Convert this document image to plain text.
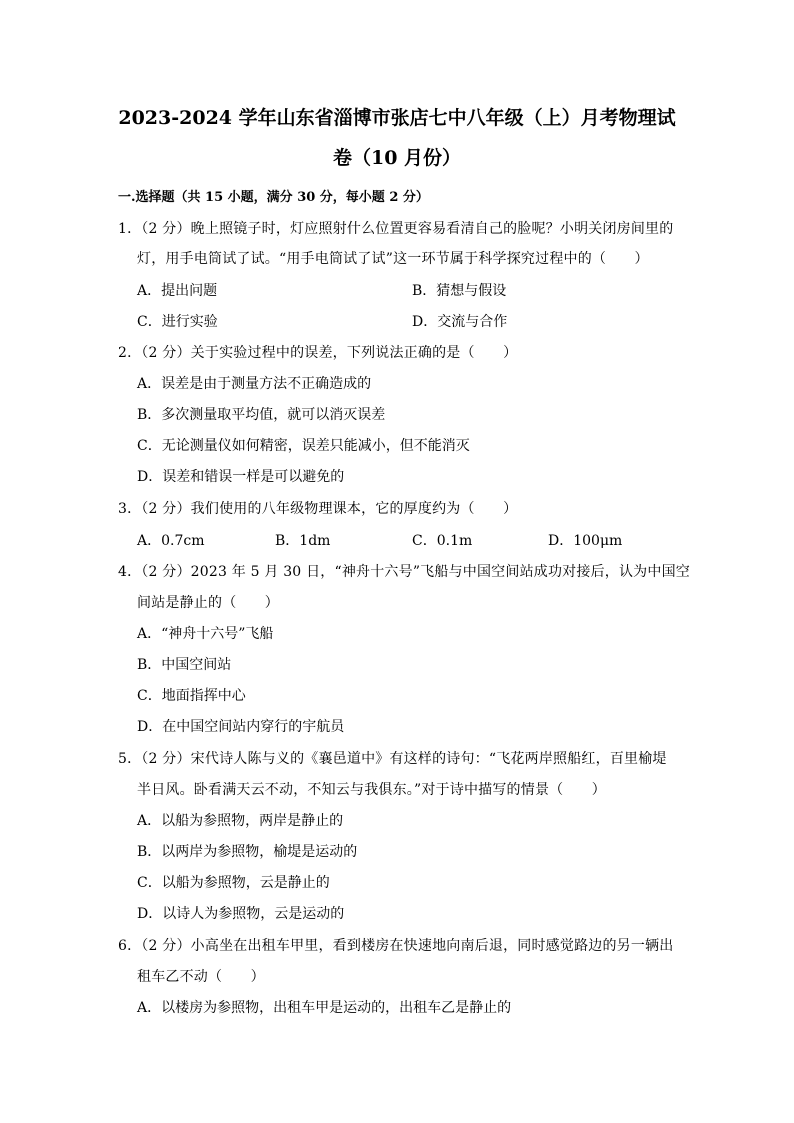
2023-2024 学年山东省淄博市张店七中八年级（上）月考物理试
卷（10 月份）
一.选择题（共 15 小题，满分 30 分，每小题 2 分）
1．（2 分）晚上照镜子时，灯应照射什么位置更容易看清自己的脸呢？小明关闭房间里的
灯，用手电筒试了试。“用手电筒试了试”这一环节属于科学探究过程中的（　　）
A．提出问题	B．猜想与假设
C．进行实验	D．交流与合作
2．（2 分）关于实验过程中的误差，下列说法正确的是（　　）
A．误差是由于测量方法不正确造成的
B．多次测量取平均值，就可以消灭误差
C．无论测量仪如何精密，误差只能减小，但不能消灭
D．误差和错误一样是可以避免的
3．（2 分）我们使用的八年级物理课本，它的厚度约为（　　）
A．0.7cm	B．1dm	C．0.1m	D．100μm
4．（2 分）2023 年 5 月 30 日，“神舟十六号”飞船与中国空间站成功对接后，认为中国空
间站是静止的（　　）
A．“神舟十六号”飞船
B．中国空间站
C．地面指挥中心
D．在中国空间站内穿行的宇航员
5．（2 分）宋代诗人陈与义的《襄邑道中》有这样的诗句：“飞花两岸照船红，百里榆堤
半日风。卧看满天云不动，不知云与我俱东。”对于诗中描写的情景（　　）
A．以船为参照物，两岸是静止的
B．以两岸为参照物，榆堤是运动的
C．以船为参照物，云是静止的
D．以诗人为参照物，云是运动的
6．（2 分）小高坐在出租车甲里，看到楼房在快速地向南后退，同时感觉路边的另一辆出
租车乙不动（　　）
A．以楼房为参照物，出租车甲是运动的，出租车乙是静止的
